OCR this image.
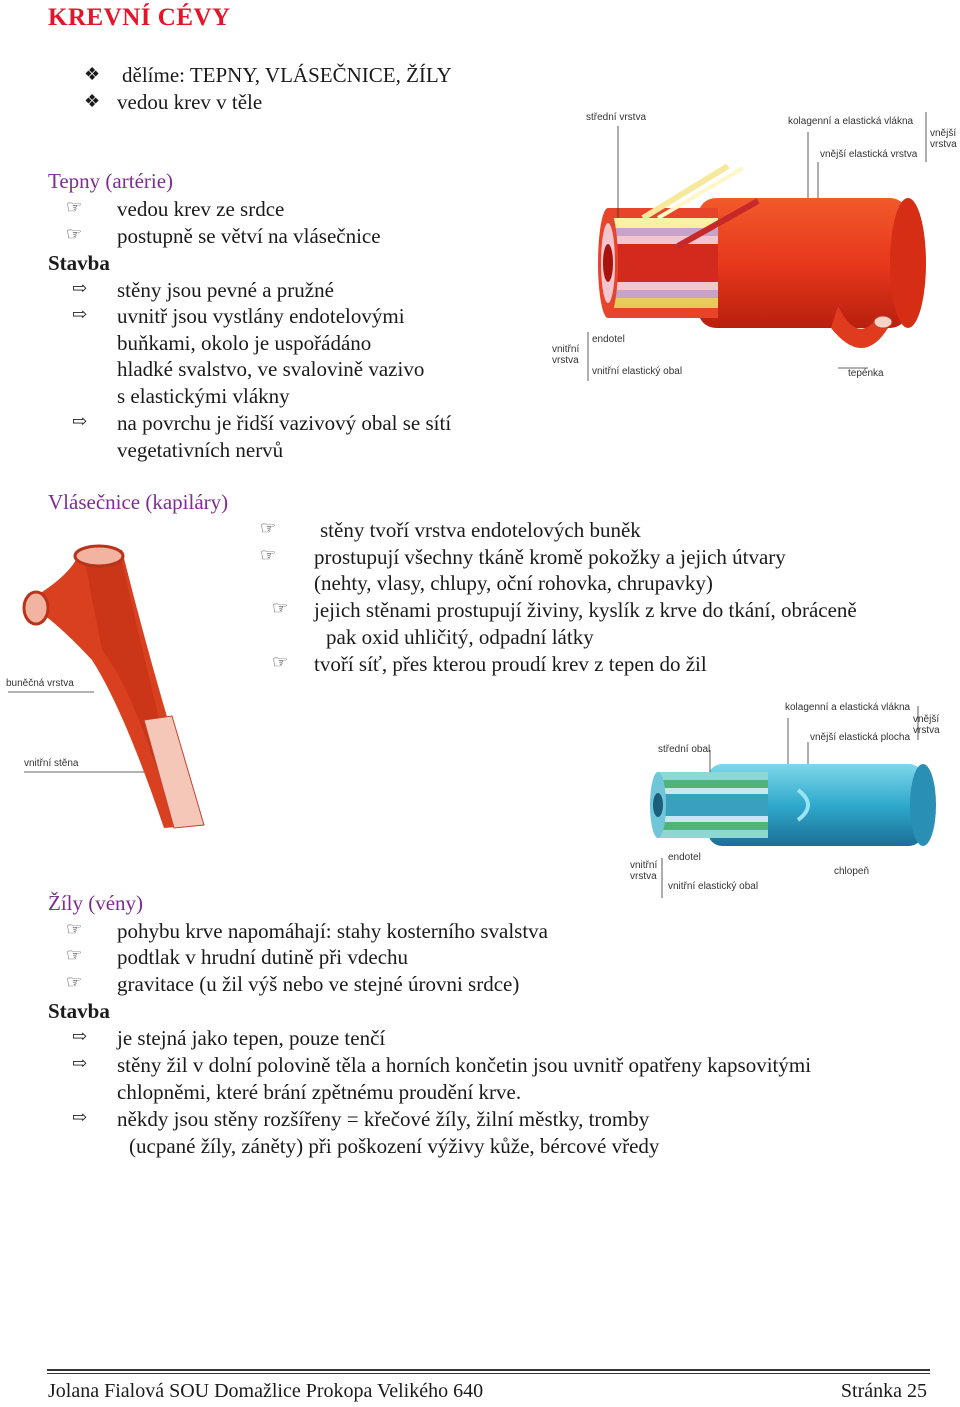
KREVNÍ CÉVY
❖ dělíme: TEPNY, VLÁSEČNICE, ŽÍLY
❖ vedou krev v těle
Tepny (artérie)
☞ vedou krev ze srdce
☞ postupně se větví na vlásečnice
Stavba
⇨ stěny jsou pevné a pružné
⇨ uvnitř jsou vystlány endotelovými
buňkami, okolo je uspořádáno
hladké svalstvo, ve svalovině vazivo
s elastickými vlákny
⇨ na povrchu je řidší vazivový obal se sítí
vegetativních nervů
střední vrstva	kolagenní a elastická vlákna
vnější vrstva
vnější elastická vrstva
vnitřní vrstva
endotel
vnitřní elastický obal	tepénka
Vlásečnice (kapiláry)
☞ stěny tvoří vrstva endotelových buněk
☞ prostupují všechny tkáně kromě pokožky a jejich útvary
(nehty, vlasy, chlupy, oční rohovka, chrupavky)
☞ jejich stěnami prostupují živiny, kyslík z krve do tkání, obráceně
pak oxid uhličitý, odpadní látky
☞ tvoří síť, přes kterou proudí krev z tepen do žil
buněčná vrstva
vnitřní stěna
kolagenní a elastická vlákna
vnější vrstva
vnější elastická plocha
střední obal
vnitřní vrstva
endotel
vnitřní elastický obal
chlopeň
Žíly (vény)
☞ pohybu krve napomáhají: stahy kosterního svalstva
☞ podtlak v hrudní dutině při vdechu
☞ gravitace (u žil výš nebo ve stejné úrovni srdce)
Stavba
⇨ je stejná jako tepen, pouze tenčí
⇨ stěny žil v dolní polovině těla a horních končetin jsou uvnitř opatřeny kapsovitými
chlopněmi, které brání zpětnému proudění krve.
⇨ někdy jsou stěny rozšířeny = křečové žíly, žilní městky, tromby
(ucpané žíly, záněty) při poškození výživy kůže, bércové vředy
Jolana Fialová SOU Domažlice Prokopa Velikého 640	Stránka 25
